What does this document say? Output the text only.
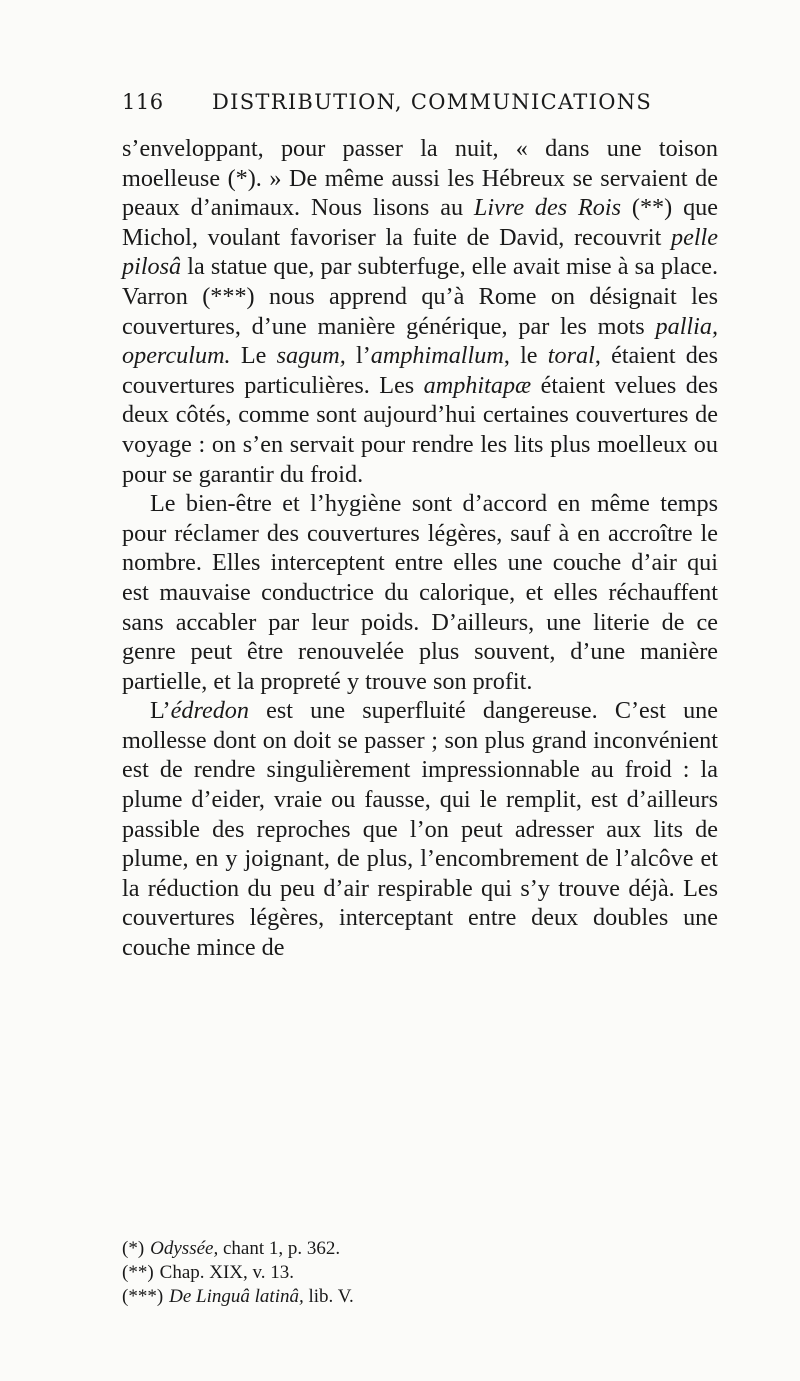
116 DISTRIBUTION, COMMUNICATIONS

s’enveloppant, pour passer la nuit, « dans une toison moelleuse (*). » De même aussi les Hébreux se servaient de peaux d’animaux. Nous lisons au Livre des Rois (**) que Michol, voulant favoriser la fuite de David, recouvrit pelle pilosâ la statue que, par subterfuge, elle avait mise à sa place. Varron (***) nous apprend qu’à Rome on désignait les couvertures, d’une manière générique, par les mots pallia, operculum. Le sagum, l’amphimallum, le toral, étaient des couvertures particulières. Les amphitapæ étaient velues des deux côtés, comme sont aujourd’hui certaines couvertures de voyage : on s’en servait pour rendre les lits plus moelleux ou pour se garantir du froid.

Le bien-être et l’hygiène sont d’accord en même temps pour réclamer des couvertures légères, sauf à en accroître le nombre. Elles interceptent entre elles une couche d’air qui est mauvaise conductrice du calorique, et elles réchauffent sans accabler par leur poids. D’ailleurs, une literie de ce genre peut être renouvelée plus souvent, d’une manière partielle, et la propreté y trouve son profit.

L’édredon est une superfluité dangereuse. C’est une mollesse dont on doit se passer ; son plus grand inconvénient est de rendre singulièrement impressionnable au froid : la plume d’eider, vraie ou fausse, qui le remplit, est d’ailleurs passible des reproches que l’on peut adresser aux lits de plume, en y joignant, de plus, l’encombrement de l’alcôve et la réduction du peu d’air respirable qui s’y trouve déjà. Les couvertures légères, interceptant entre deux doubles une couche mince de

(*) Odyssée, chant 1, p. 362.
(**) Chap. XIX, v. 13.
(***) De Linguâ latinâ, lib. V.
